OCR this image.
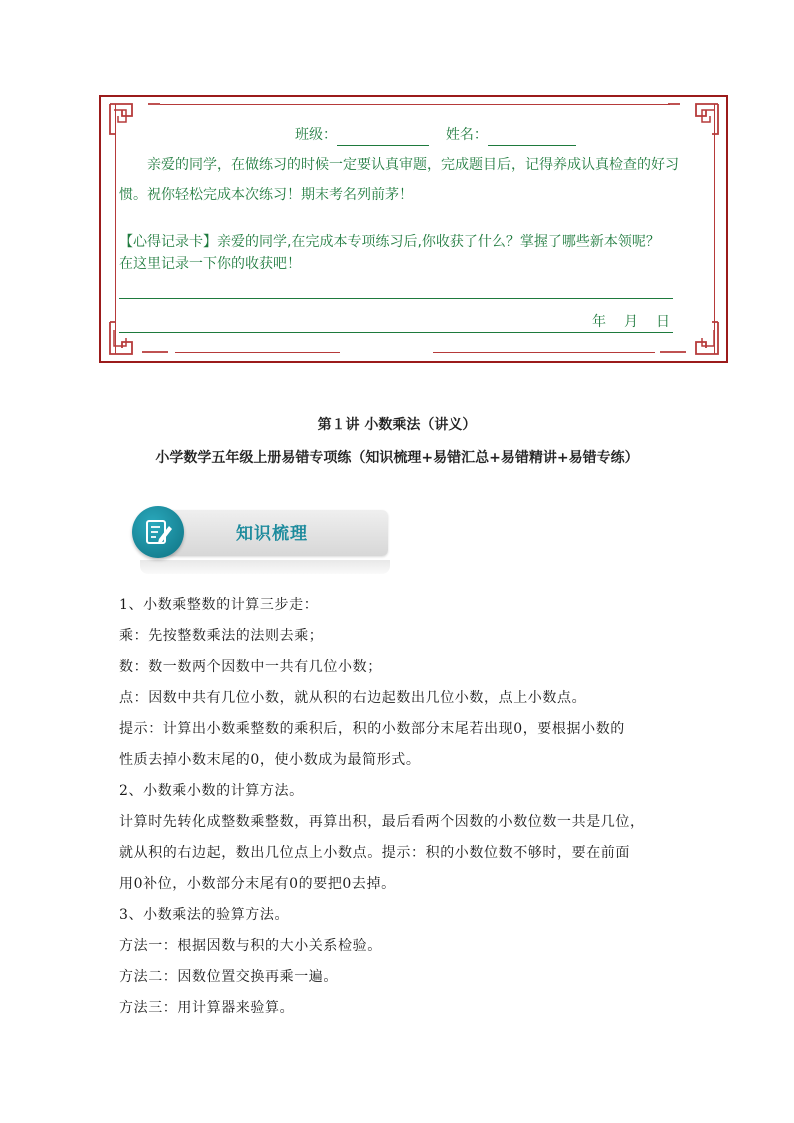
班级：	姓名：
亲爱的同学，在做练习的时候一定要认真审题，完成题目后，记得养成认真检查的好习
惯。祝你轻松完成本次练习！期末考名列前茅！
【心得记录卡】亲爱的同学,在完成本专项练习后,你收获了什么？掌握了哪些新本领呢？
在这里记录一下你的收获吧！
年　月　日
第１讲 小数乘法（讲义）
小学数学五年级上册易错专项练（知识梳理+易错汇总+易错精讲+易错专练）
知识梳理

1、小数乘整数的计算三步走：

乘：先按整数乘法的法则去乘；

数：数一数两个因数中一共有几位小数；

点：因数中共有几位小数，就从积的右边起数出几位小数，点上小数点。

提示：计算出小数乘整数的乘积后，积的小数部分末尾若出现0，要根据小数的

性质去掉小数末尾的0，使小数成为最简形式。

2、小数乘小数的计算方法。

计算时先转化成整数乘整数，再算出积，最后看两个因数的小数位数一共是几位，

就从积的右边起，数出几位点上小数点。提示：积的小数位数不够时，要在前面

用0补位，小数部分末尾有0的要把0去掉。

3、小数乘法的验算方法。

方法一：根据因数与积的大小关系检验。

方法二：因数位置交换再乘一遍。

方法三：用计算器来验算。
